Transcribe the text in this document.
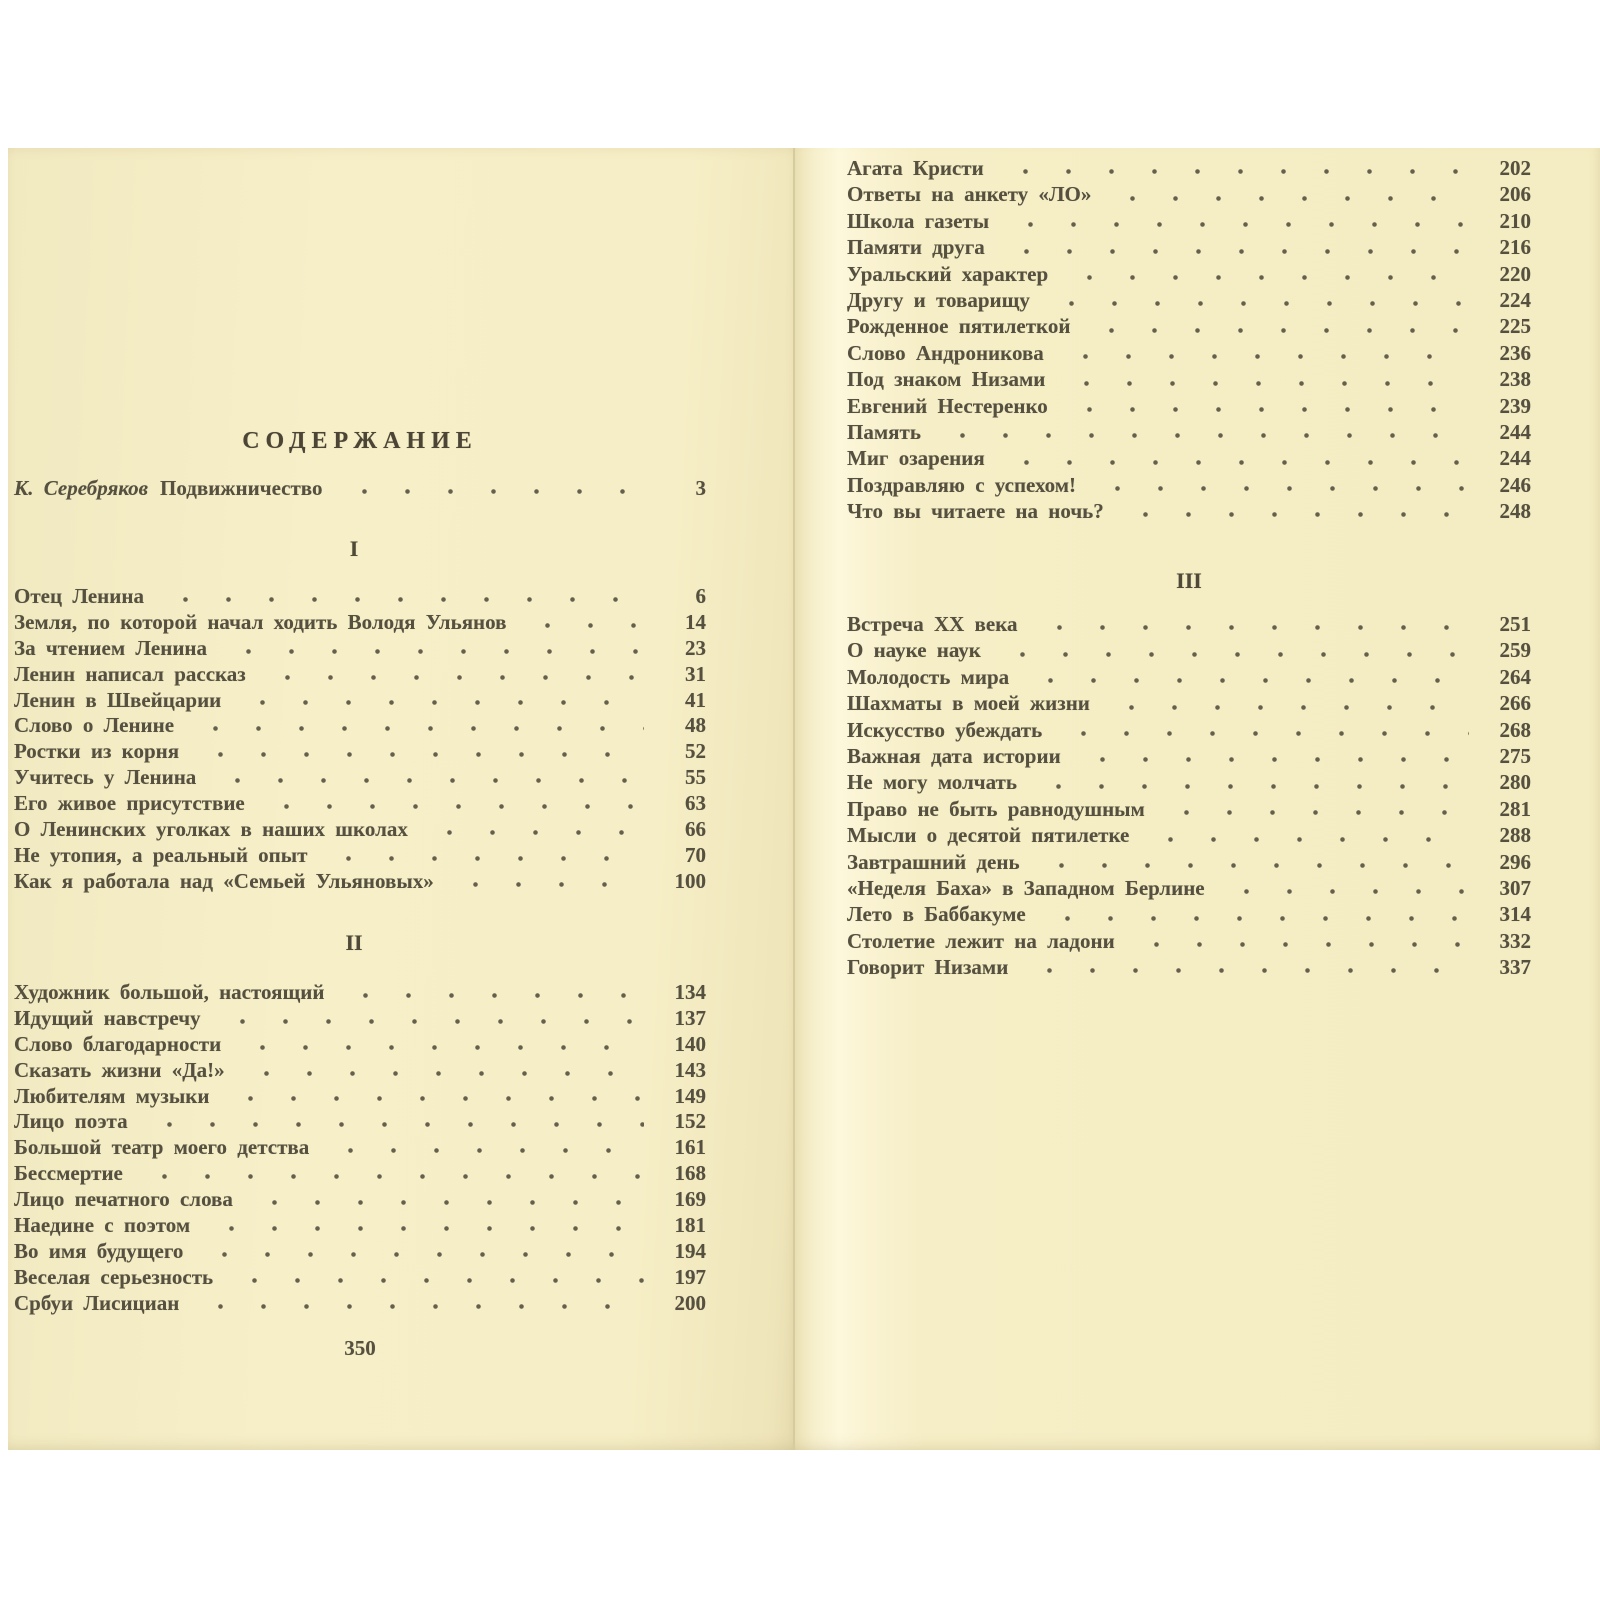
СОДЕРЖАНИЕ
К. Серебряков Подвижничество	3
I
Отец Ленина	6
Земля, по которой начал ходить Володя Ульянов	14
За чтением Ленина	23
Ленин написал рассказ	31
Ленин в Швейцарии	41
Слово о Ленине	48
Ростки из корня	52
Учитесь у Ленина	55
Его живое присутствие	63
О Ленинских уголках в наших школах	66
Не утопия, а реальный опыт	70
Как я работала над «Семьей Ульяновых»	100
II
Художник большой, настоящий	134
Идущий навстречу	137
Слово благодарности	140
Сказать жизни «Да!»	143
Любителям музыки	149
Лицо поэта	152
Большой театр моего детства	161
Бессмертие	168
Лицо печатного слова	169
Наедине с поэтом	181
Во имя будущего	194
Веселая серьезность	197
Србуи Лисициан	200
350
Агата Кристи	202
Ответы на анкету «ЛО»	206
Школа газеты	210
Памяти друга	216
Уральский характер	220
Другу и товарищу	224
Рожденное пятилеткой	225
Слово Андроникова	236
Под знаком Низами	238
Евгений Нестеренко	239
Память	244
Миг озарения	244
Поздравляю с успехом!	246
Что вы читаете на ночь?	248
III
Встреча XX века	251
О науке наук	259
Молодость мира	264
Шахматы в моей жизни	266
Искусство убеждать	268
Важная дата истории	275
Не могу молчать	280
Право не быть равнодушным	281
Мысли о десятой пятилетке	288
Завтрашний день	296
«Неделя Баха» в Западном Берлине	307
Лето в Баббакуме	314
Столетие лежит на ладони	332
Говорит Низами	337
